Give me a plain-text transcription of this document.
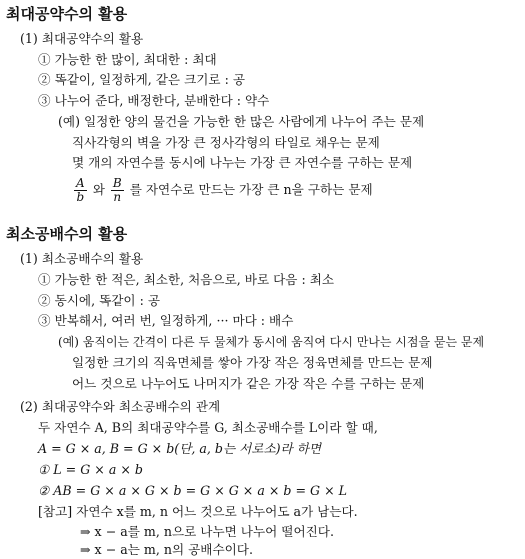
최대공약수의 활용
(1) 최대공약수의 활용
① 가능한 한 많이, 최대한 : 최대
② 똑같이, 일정하게, 같은 크기로 : 공
③ 나누어 준다, 배정한다, 분배한다 : 약수
(예) 일정한 양의 물건을 가능한 한 많은 사람에게 나누어 주는 문제
직사각형의 벽을 가장 큰 정사각형의 타일로 채우는 문제
몇 개의 자연수를 동시에 나누는 가장 큰 자연수를 구하는 문제
$\frac{A}{b}$ 와 $\frac{B}{n}$ 를 자연수로 만드는 가장 큰 n을 구하는 문제
최소공배수의 활용
(1) 최소공배수의 활용
① 가능한 한 적은, 최소한, 처음으로, 바로 다음 : 최소
② 동시에, 똑같이 : 공
③ 반복해서, 여러 번, 일정하게, ··· 마다 : 배수
(예) 움직이는 간격이 다른 두 물체가 동시에 움직여 다시 만나는 시점을 묻는 문제
일정한 크기의 직육면체를 쌓아 가장 작은 정육면체를 만드는 문제
어느 것으로 나누어도 나머지가 같은 가장 작은 수를 구하는 문제
(2) 최대공약수와 최소공배수의 관계
두 자연수 A, B의 최대공약수를 G, 최소공배수를 L이라 할 때,
A = G × a, B = G × b(단, a, b는 서로소)라 하면
① L = G × a × b
② AB = G × a × G × b = G × G × a × b = G × L
[참고] 자연수 x를 m, n 어느 것으로 나누어도 a가 남는다.
⇒ x − a를 m, n으로 나누면 나누어 떨어진다.
⇒ x − a는 m, n의 공배수이다.
